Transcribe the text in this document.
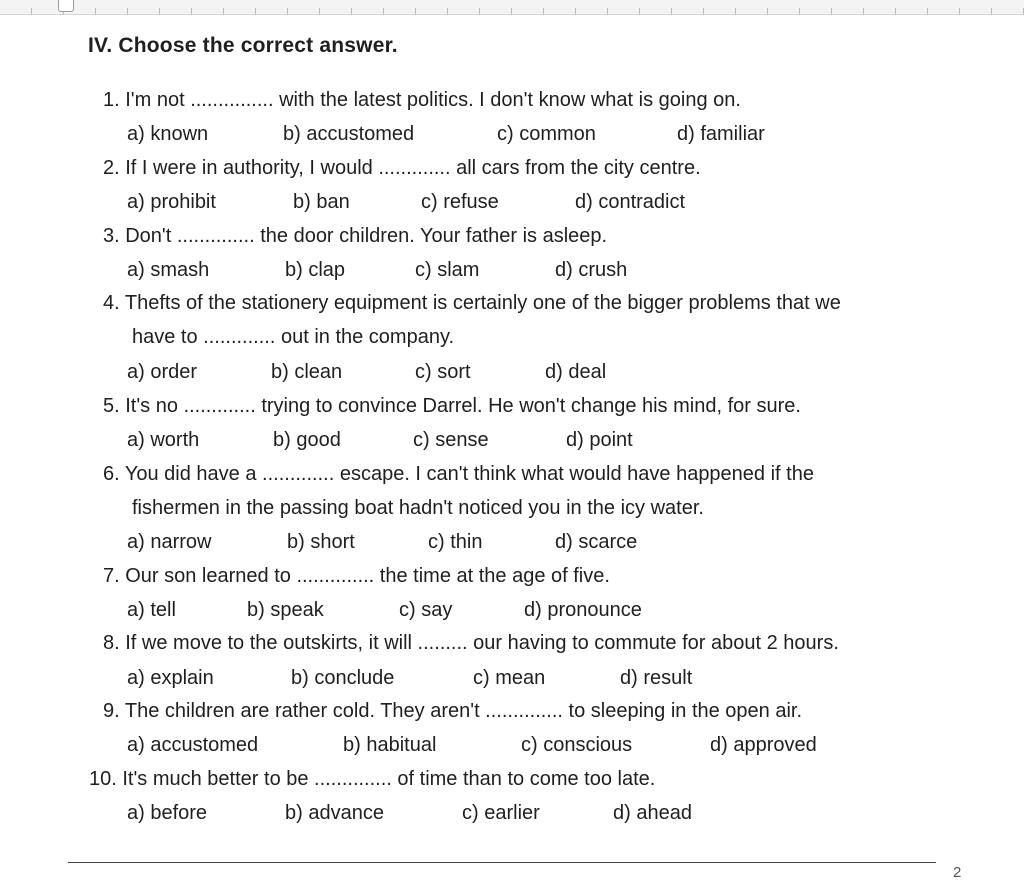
IV. Choose the correct answer.

1. I'm not ............... with the latest politics. I don't know what is going on.

a) known	b) accustomed	c) common	d) familiar

2. If I were in authority, I would ............. all cars from the city centre.

a) prohibit	b) ban	c) refuse	d) contradict

3. Don't .............. the door children. Your father is asleep.

a) smash	b) clap	c) slam	d) crush

4. Thefts of the stationery equipment is certainly one of the bigger problems that we

have to ............. out in the company.

a) order	b) clean	c) sort	d) deal

5. It's no ............. trying to convince Darrel. He won't change his mind, for sure.

a) worth	b) good	c) sense	d) point

6. You did have a ............. escape. I can't think what would have happened if the

fishermen in the passing boat hadn't noticed you in the icy water.

a) narrow	b) short	c) thin	d) scarce

7. Our son learned to .............. the time at the age of five.

a) tell	b) speak	c) say	d) pronounce

8. If we move to the outskirts, it will ......... our having to commute for about 2 hours.

a) explain	b) conclude	c) mean	d) result

9. The children are rather cold. They aren't .............. to sleeping in the open air.

a) accustomed	b) habitual	c) conscious	d) approved

10. It's much better to be .............. of time than to come too late.

a) before	b) advance	c) earlier	d) ahead
2
